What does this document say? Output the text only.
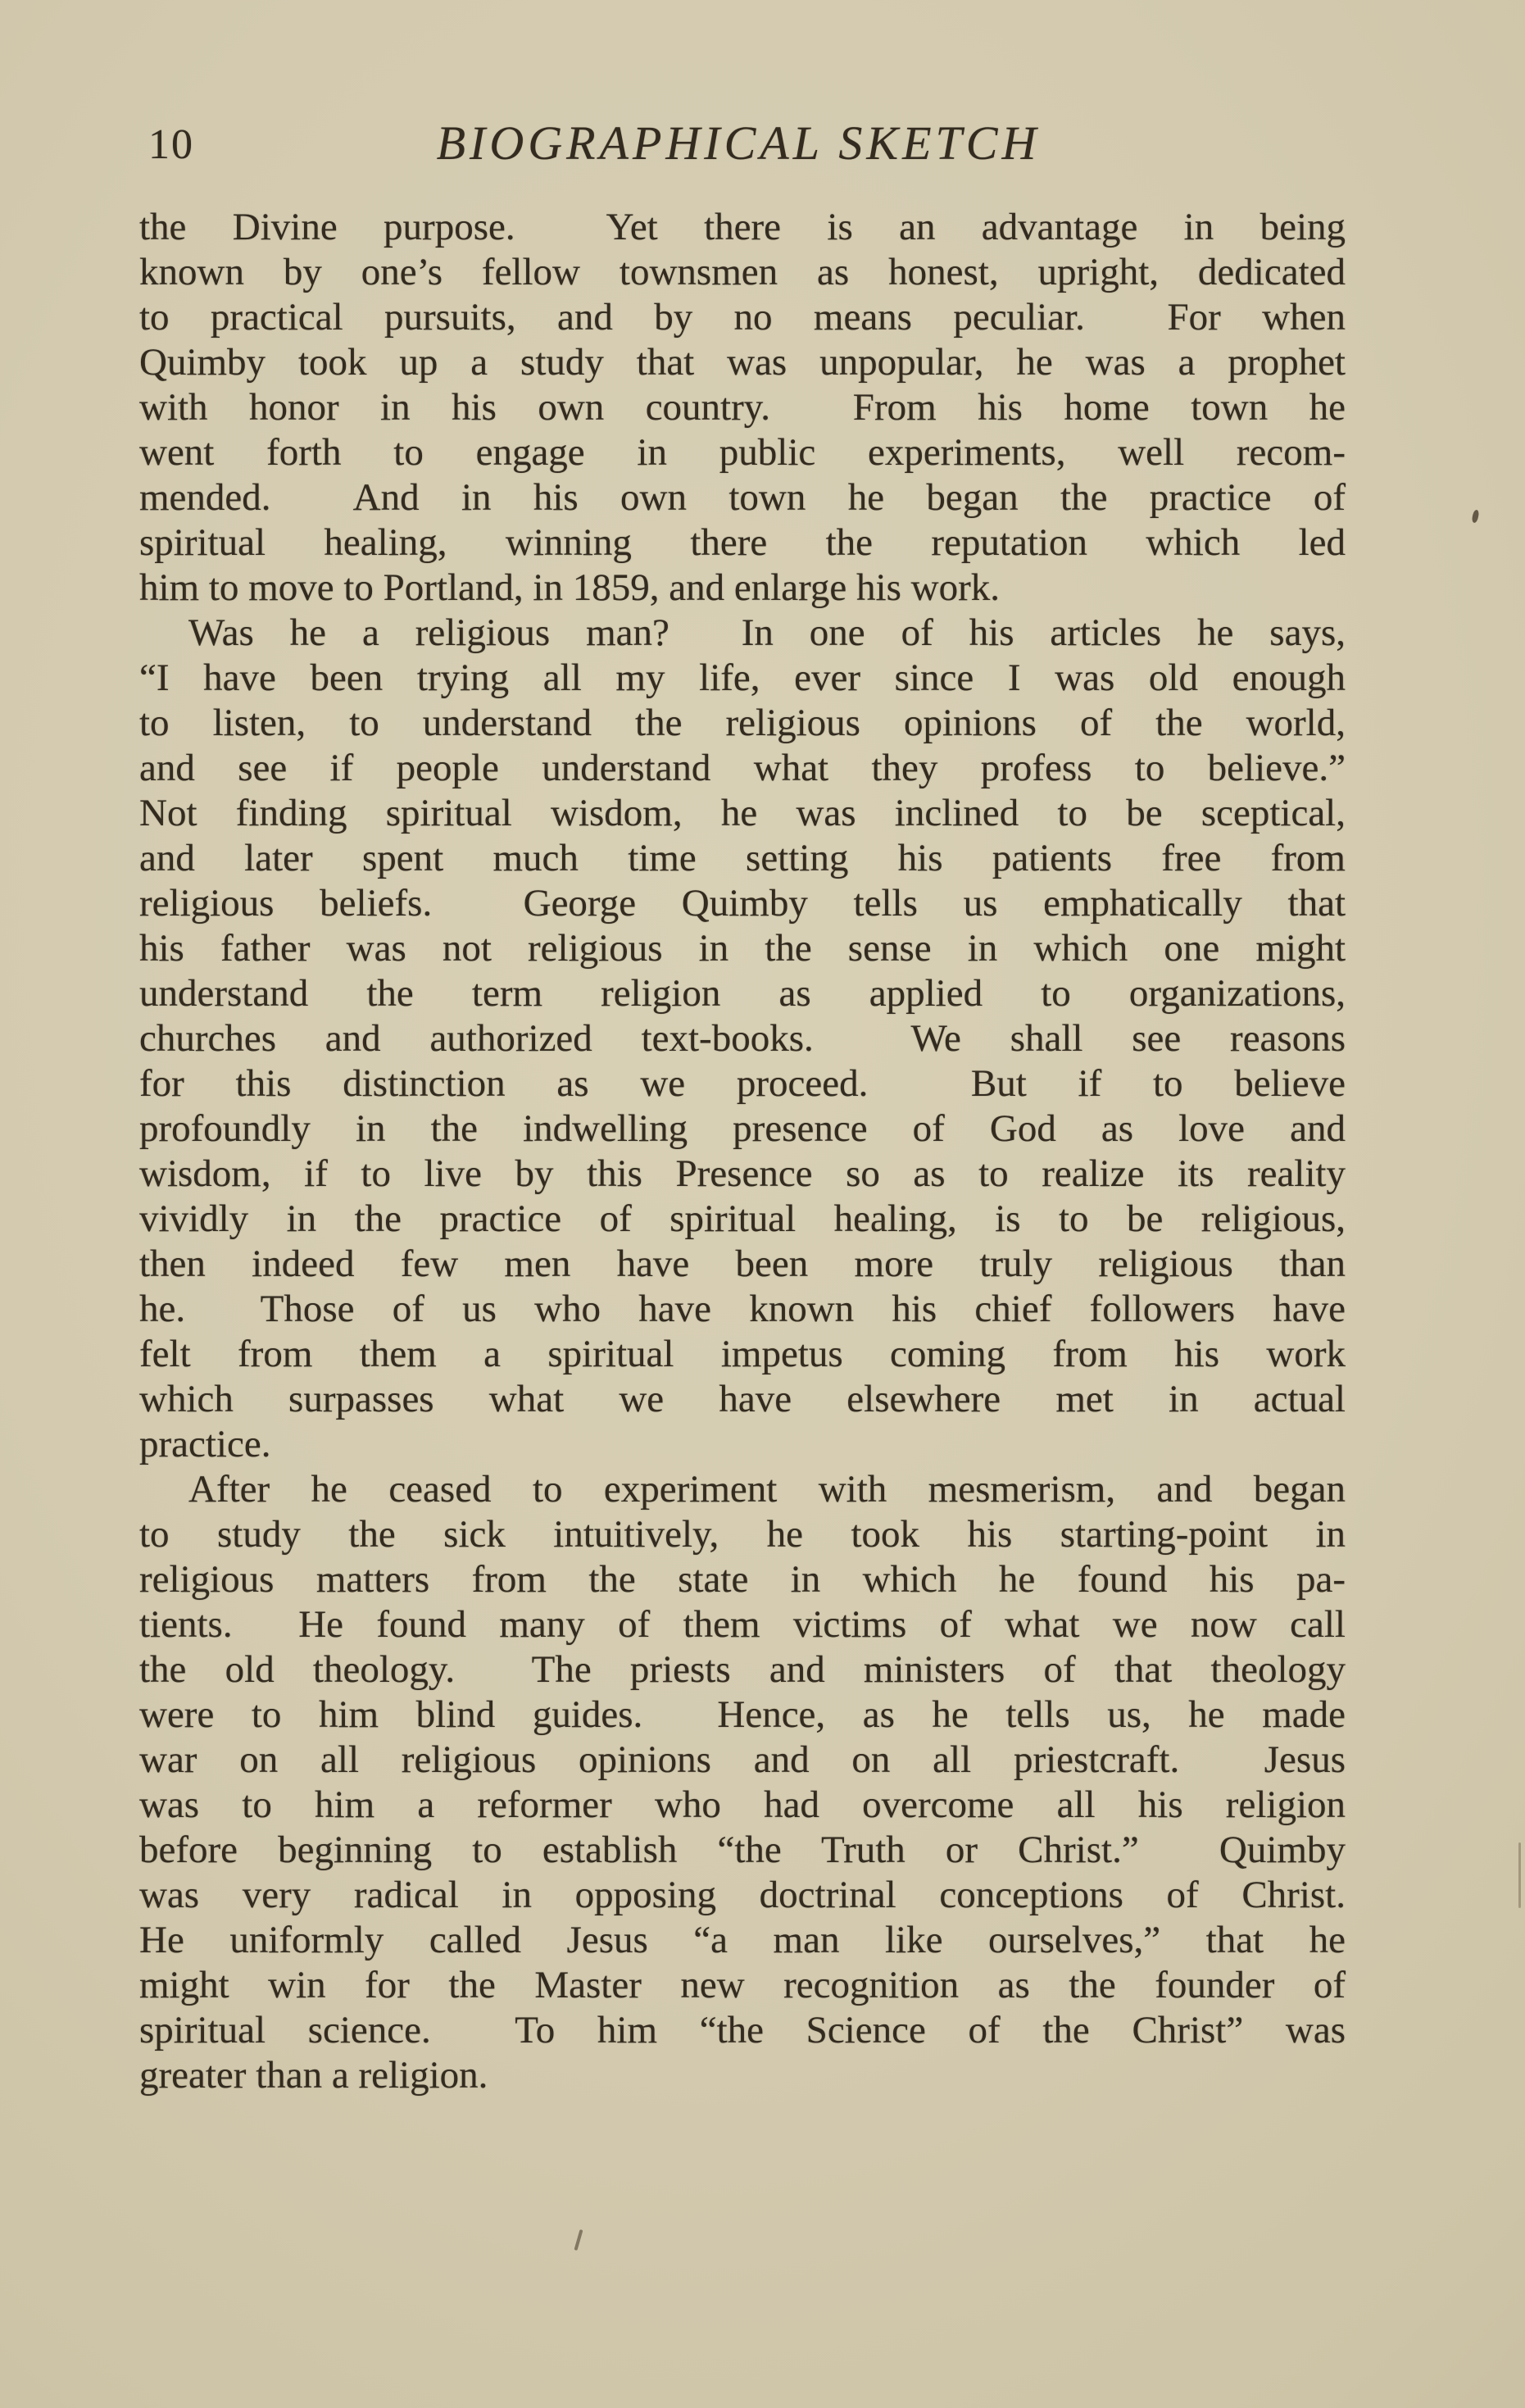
10	BIOGRAPHICAL SKETCH
the Divine purpose.  Yet there is an advantage in being
known by one’s fellow townsmen as honest, upright, dedicated
to practical pursuits, and by no means peculiar.  For when
Quimby took up a study that was unpopular, he was a prophet
with honor in his own country.  From his home town he
went forth to engage in public experiments, well recom-
mended.  And in his own town he began the practice of
spiritual healing, winning there the reputation which led
him to move to Portland, in 1859, and enlarge his work.
Was he a religious man?  In one of his articles he says,
“I have been trying all my life, ever since I was old enough
to listen, to understand the religious opinions of the world,
and see if people understand what they profess to believe.”
Not finding spiritual wisdom, he was inclined to be sceptical,
and later spent much time setting his patients free from
religious beliefs.  George Quimby tells us emphatically that
his father was not religious in the sense in which one might
understand the term religion as applied to organizations,
churches and authorized text-books.  We shall see reasons
for this distinction as we proceed.  But if to believe
profoundly in the indwelling presence of God as love and
wisdom, if to live by this Presence so as to realize its reality
vividly in the practice of spiritual healing, is to be religious,
then indeed few men have been more truly religious than
he.  Those of us who have known his chief followers have
felt from them a spiritual impetus coming from his work
which surpasses what we have elsewhere met in actual
practice.
After he ceased to experiment with mesmerism, and began
to study the sick intuitively, he took his starting-point in
religious matters from the state in which he found his pa-
tients.  He found many of them victims of what we now call
the old theology.  The priests and ministers of that theology
were to him blind guides.  Hence, as he tells us, he made
war on all religious opinions and on all priestcraft.  Jesus
was to him a reformer who had overcome all his religion
before beginning to establish “the Truth or Christ.”  Quimby
was very radical in opposing doctrinal conceptions of Christ.
He uniformly called Jesus “a man like ourselves,” that he
might win for the Master new recognition as the founder of
spiritual science.  To him “the Science of the Christ” was
greater than a religion.
